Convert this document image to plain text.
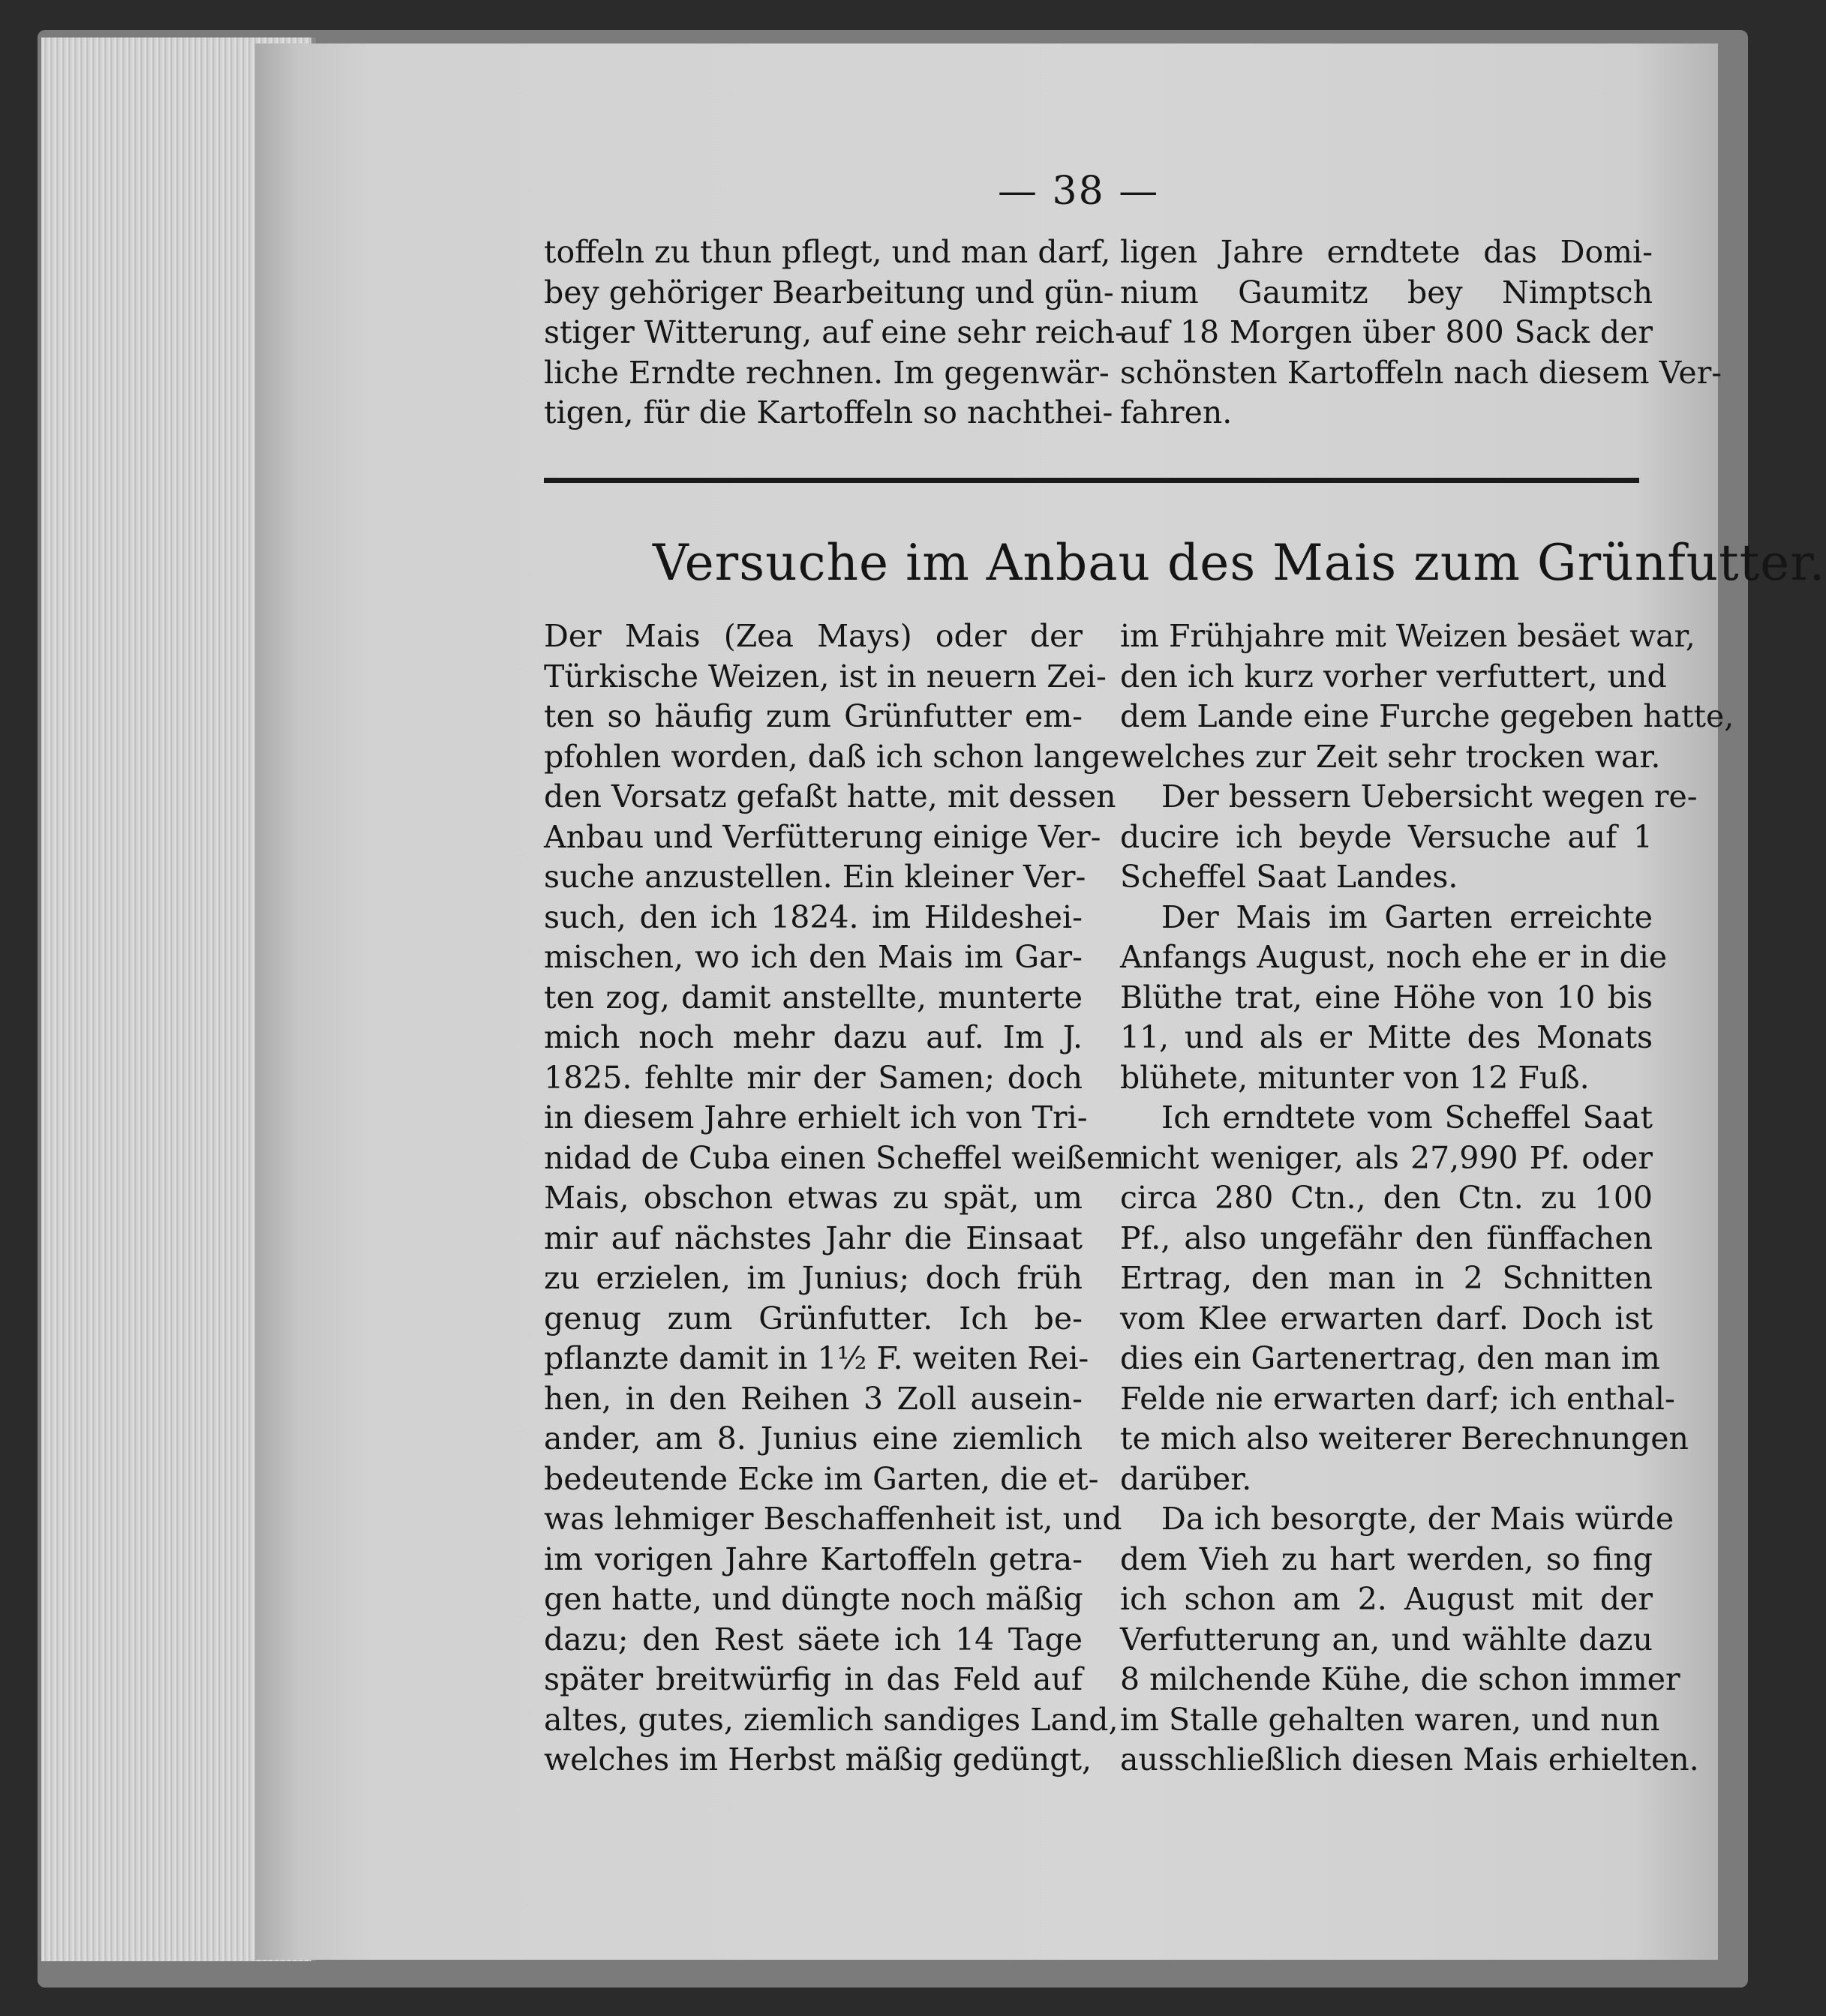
— 38 —
toffeln zu thun pflegt, und man darf,
bey gehöriger Bearbeitung und gün-
stiger Witterung, auf eine sehr reich-
liche Erndte rechnen. Im gegenwär-
tigen, für die Kartoffeln so nachthei-
ligen Jahre erndtete das Domi-
nium Gaumitz bey Nimptsch
auf 18 Morgen über 800 Sack der
schönsten Kartoffeln nach diesem Ver-
fahren.
Versuche im Anbau des Mais zum Grünfutter.
Der Mais (Zea Mays) oder der
Türkische Weizen, ist in neuern Zei-
ten so häufig zum Grünfutter em-
pfohlen worden, daß ich schon lange
den Vorsatz gefaßt hatte, mit dessen
Anbau und Verfütterung einige Ver-
suche anzustellen. Ein kleiner Ver-
such, den ich 1824. im Hildeshei-
mischen, wo ich den Mais im Gar-
ten zog, damit anstellte, munterte
mich noch mehr dazu auf. Im J.
1825. fehlte mir der Samen; doch
in diesem Jahre erhielt ich von Tri-
nidad de Cuba einen Scheffel weißen
Mais, obschon etwas zu spät, um
mir auf nächstes Jahr die Einsaat
zu erzielen, im Junius; doch früh
genug zum Grünfutter. Ich be-
pflanzte damit in 1½ F. weiten Rei-
hen, in den Reihen 3 Zoll ausein-
ander, am 8. Junius eine ziemlich
bedeutende Ecke im Garten, die et-
was lehmiger Beschaffenheit ist, und
im vorigen Jahre Kartoffeln getra-
gen hatte, und düngte noch mäßig
dazu; den Rest säete ich 14 Tage
später breitwürfig in das Feld auf
altes, gutes, ziemlich sandiges Land,
welches im Herbst mäßig gedüngt,
im Frühjahre mit Weizen besäet war,
den ich kurz vorher verfuttert, und
dem Lande eine Furche gegeben hatte,
welches zur Zeit sehr trocken war.
Der bessern Uebersicht wegen re-
ducire ich beyde Versuche auf 1
Scheffel Saat Landes.
Der Mais im Garten erreichte
Anfangs August, noch ehe er in die
Blüthe trat, eine Höhe von 10 bis
11, und als er Mitte des Monats
blühete, mitunter von 12 Fuß.
Ich erndtete vom Scheffel Saat
nicht weniger, als 27,990 Pf. oder
circa 280 Ctn., den Ctn. zu 100
Pf., also ungefähr den fünffachen
Ertrag, den man in 2 Schnitten
vom Klee erwarten darf. Doch ist
dies ein Gartenertrag, den man im
Felde nie erwarten darf; ich enthal-
te mich also weiterer Berechnungen
darüber.
Da ich besorgte, der Mais würde
dem Vieh zu hart werden, so fing
ich schon am 2. August mit der
Verfutterung an, und wählte dazu
8 milchende Kühe, die schon immer
im Stalle gehalten waren, und nun
ausschließlich diesen Mais erhielten.
